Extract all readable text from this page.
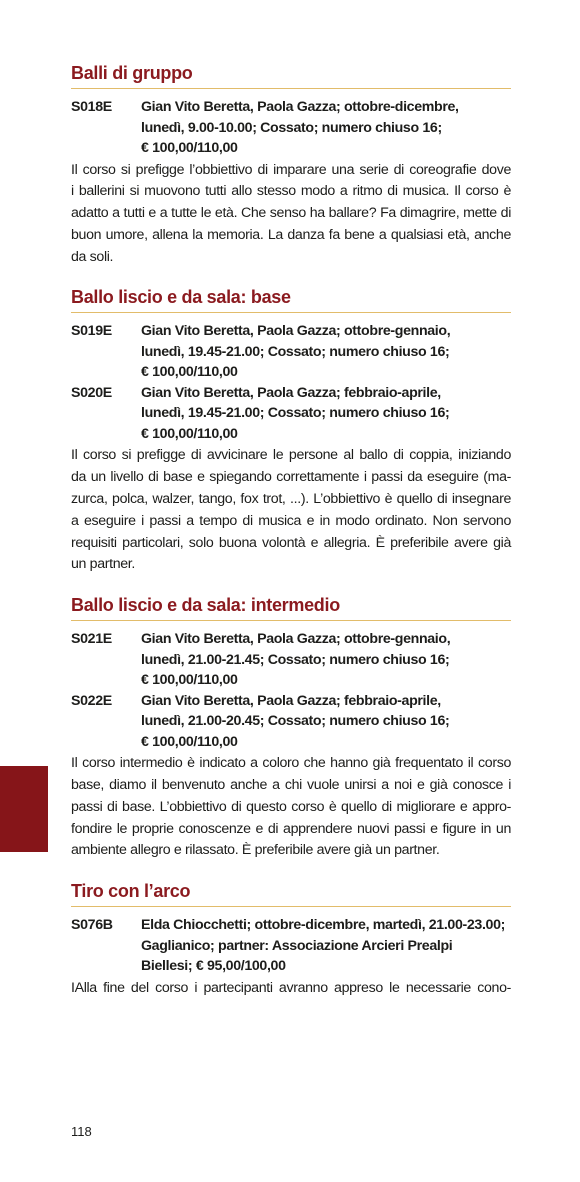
Balli di gruppo
S018E	Gian Vito Beretta, Paola Gazza; ottobre-dicembre,
lunedì, 9.00-10.00; Cossato; numero chiuso 16;
€ 100,00/110,00
Il corso si prefigge l’obbiettivo di imparare una serie di coreografie dove
i ballerini si muovono tutti allo stesso modo a ritmo di musica. Il corso è
adatto a tutti e a tutte le età. Che senso ha ballare? Fa dimagrire, mette di
buon umore, allena la memoria. La danza fa bene a qualsiasi età, anche
da soli.
Ballo liscio e da sala: base
S019E	Gian Vito Beretta, Paola Gazza; ottobre-gennaio,
lunedì, 19.45-21.00; Cossato; numero chiuso 16;
€ 100,00/110,00
S020E	Gian Vito Beretta, Paola Gazza; febbraio-aprile,
lunedì, 19.45-21.00; Cossato; numero chiuso 16;
€ 100,00/110,00
Il corso si prefigge di avvicinare le persone al ballo di coppia, iniziando
da un livello di base e spiegando correttamente i passi da eseguire (ma-
zurca, polca, walzer, tango, fox trot, ...). L’obbiettivo è quello di insegnare
a eseguire i passi a tempo di musica e in modo ordinato. Non servono
requisiti particolari, solo buona volontà e allegria. È preferibile avere già
un partner.
Ballo liscio e da sala: intermedio
S021E	Gian Vito Beretta, Paola Gazza; ottobre-gennaio,
lunedì, 21.00-21.45; Cossato; numero chiuso 16;
€ 100,00/110,00
S022E	Gian Vito Beretta, Paola Gazza; febbraio-aprile,
lunedì, 21.00-20.45; Cossato; numero chiuso 16;
€ 100,00/110,00
Il corso intermedio è indicato a coloro che hanno già frequentato il corso
base, diamo il benvenuto anche a chi vuole unirsi a noi e già conosce i
passi di base. L’obbiettivo di questo corso è quello di migliorare e appro-
fondire le proprie conoscenze e di apprendere nuovi passi e figure in un
ambiente allegro e rilassato. È preferibile avere già un partner.
Tiro con l’arco
S076B	Elda Chiocchetti; ottobre-dicembre, martedì, 21.00-23.00;
Gaglianico; partner: Associazione Arcieri Prealpi
Biellesi; € 95,00/100,00
IAlla fine del corso i partecipanti avranno appreso le necessarie cono-
118
